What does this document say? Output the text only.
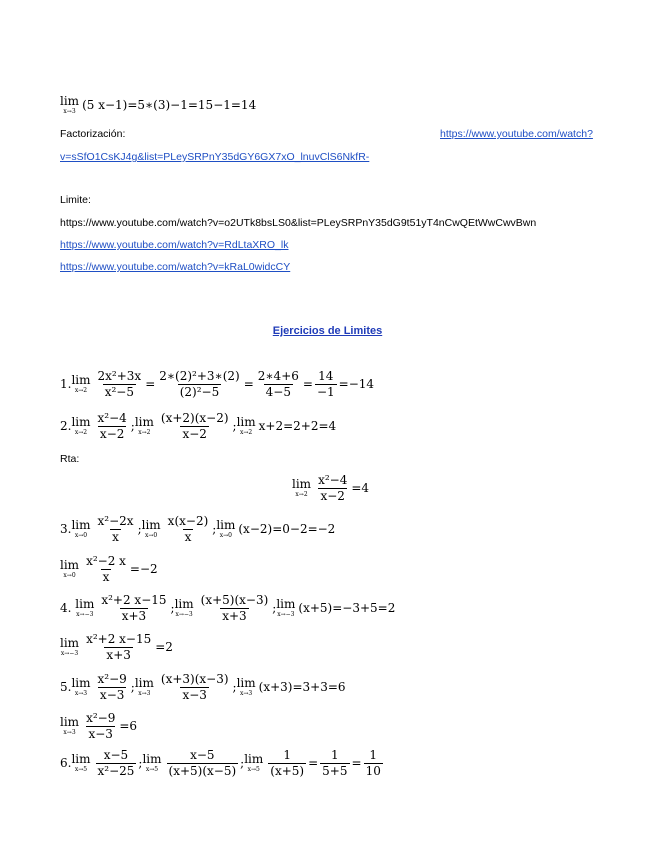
lim
x→3 (5 x−1)=5∗(3)−1=15−1=14
Factorización:	https://www.youtube.com/watch?
v=sSfO1CsKJ4g&list=PLeySRPnY35dGY6GX7xO_lnuvClS6NkfR-
Limite:
https://www.youtube.com/watch?v=o2UTk8bsLS0&list=PLeySRPnY35dG9t51yT4nCwQEtWwCwvBwn
https://www.youtube.com/watch?v=RdLtaXRO_lk
https://www.youtube.com/watch?v=kRaL0widcCY
Ejercicios de Limites
1. lim
$x\to 2 \frac{\text{2x²+3x}}{\text{x²−5}} = \frac{\text{2∗(2)²+3∗(2)}}{\text{(2)²−5}} = \frac{2∗4+6}{4-5} = \frac{14}{-1} =-14$
2. lim
$x\to 2 \frac{\text{x²−4}}{x-2}$ ; lim
$x\to 2 \frac{(x+2)(x-2)}{x-2}$ ; lim
x→2 x+2=2+2=4
Rta:
lim
$x\to 2 \frac{\text{x²−4}}{x-2} =4$
3. lim
$x\to 0 \frac{\text{x²−2x}}{x}$ ; lim
$x\to 0 \frac{x(x-2)}{x}$ ; lim
x→0 (x−2)=0−2=−2
lim
$x\to 0 \frac{\text{x²−2 x}}{x} =-2$
4.
lim
$x\to-3 \frac{\text{x²+2 x−15}}{x+3}$ ; lim
$x\to-3 \frac{(x+5)(x-3)}{x+3}$ ; lim
x→−3 (x+5)=−3+5=2
lim
$x\to-3 \frac{\text{x²+2 x−15}}{x+3} =2$
5. lim
$x\to 3 \frac{\text{x²−9}}{x-3}$ ; lim
$x\to 3 \frac{(x+3)(x-3)}{x-3}$ ; lim
x→3 (x+3)=3+3=6
lim
$x\to 3 \frac{\text{x²−9}}{x-3} =6$
6. lim
$x\to 5 \frac{x-5}{\text{x²−25}}$ ; lim
$x\to 5 \frac{x-5}{(x+5)(x-5)}$ ; lim
$x\to 5 \frac{1}{(x+5)} = \frac{1}{5+5} = \frac{1}{10}$
